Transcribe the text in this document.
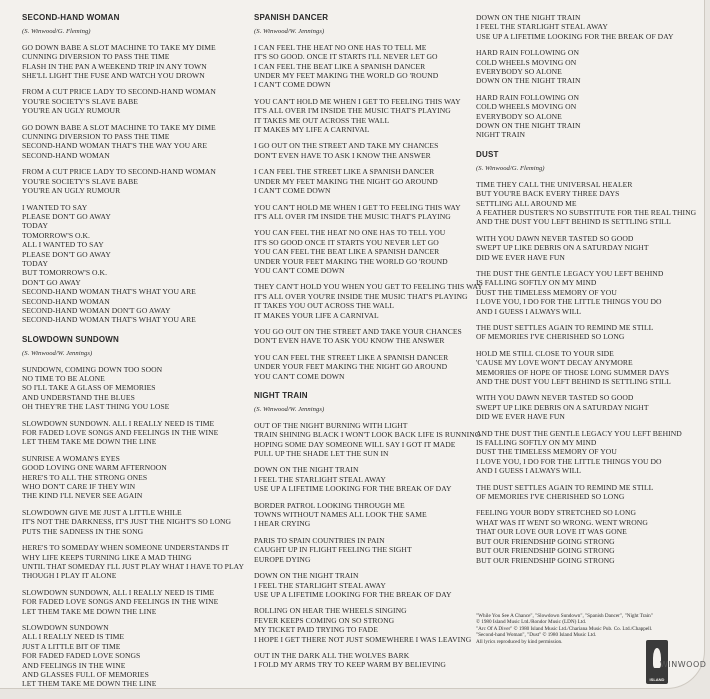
SECOND-HAND WOMAN
(S. Winwood/G. Fleming)
GO DOWN BABE A SLOT MACHINE TO TAKE MY DIME
CUNNING DIVERSION TO PASS THE TIME
FLASH IN THE PAN A WEEKEND TRIP IN ANY TOWN
SHE'LL LIGHT THE FUSE AND WATCH YOU DROWN
FROM A CUT PRICE LADY TO SECOND-HAND WOMAN
YOU'RE SOCIETY'S SLAVE BABE
YOU'RE AN UGLY RUMOUR
GO DOWN BABE A SLOT MACHINE TO TAKE MY DIME
CUNNING DIVERSION TO PASS THE TIME
SECOND-HAND WOMAN THAT'S THE WAY YOU ARE
SECOND-HAND WOMAN
FROM A CUT PRICE LADY TO SECOND-HAND WOMAN
YOU'RE SOCIETY'S SLAVE BABE
YOU'RE AN UGLY RUMOUR
I WANTED TO SAY
PLEASE DON'T GO AWAY
TODAY
TOMORROW'S O.K.
ALL I WANTED TO SAY
PLEASE DON'T GO AWAY
TODAY
BUT TOMORROW'S O.K.
DON'T GO AWAY
SECOND-HAND WOMAN THAT'S WHAT YOU ARE
SECOND-HAND WOMAN
SECOND-HAND WOMAN DON'T GO AWAY
SECOND-HAND WOMAN THAT'S WHAT YOU ARE
SLOWDOWN SUNDOWN
(S. Winwood/W. Jennings)
SUNDOWN, COMING DOWN TOO SOON
NO TIME TO BE ALONE
SO I'LL TAKE A GLASS OF MEMORIES
AND UNDERSTAND THE BLUES
OH THEY'RE THE LAST THING YOU LOSE
SLOWDOWN SUNDOWN. ALL I REALLY NEED IS TIME
FOR FADED LOVE SONGS AND FEELINGS IN THE WINE
LET THEM TAKE ME DOWN THE LINE
SUNRISE A WOMAN'S EYES
GOOD LOVING ONE WARM AFTERNOON
HERE'S TO ALL THE STRONG ONES
WHO DON'T CARE IF THEY WIN
THE KIND I'LL NEVER SEE AGAIN
SLOWDOWN GIVE ME JUST A LITTLE WHILE
IT'S NOT THE DARKNESS, IT'S JUST THE NIGHT'S SO LONG
PUTS THE SADNESS IN THE SONG
HERE'S TO SOMEDAY WHEN SOMEONE UNDERSTANDS IT
WHY LIFE KEEPS TURNING LIKE A MAD THING
UNTIL THAT SOMEDAY I'LL JUST PLAY WHAT I HAVE TO PLAY
THOUGH I PLAY IT ALONE
SLOWDOWN SUNDOWN, ALL I REALLY NEED IS TIME
FOR FADED LOVE SONGS AND FEELINGS IN THE WINE
LET THEM TAKE ME DOWN THE LINE
SLOWDOWN SUNDOWN
ALL I REALLY NEED IS TIME
JUST A LITTLE BIT OF TIME
FOR FADED FADED LOVE SONGS
AND FEELINGS IN THE WINE
AND GLASSES FULL OF MEMORIES
LET THEM TAKE ME DOWN THE LINE
SPANISH DANCER
(S. Winwood/W. Jennings)
I CAN FEEL THE HEAT NO ONE HAS TO TELL ME
IT'S SO GOOD. ONCE IT STARTS I'LL NEVER LET GO
I CAN FEEL THE BEAT LIKE A SPANISH DANCER
UNDER MY FEET MAKING THE WORLD GO 'ROUND
I CAN'T COME DOWN
YOU CAN'T HOLD ME WHEN I GET TO FEELING THIS WAY
IT'S ALL OVER I'M INSIDE THE MUSIC THAT'S PLAYING
IT TAKES ME OUT ACROSS THE WALL
IT MAKES MY LIFE A CARNIVAL
I GO OUT ON THE STREET AND TAKE MY CHANCES
DON'T EVEN HAVE TO ASK I KNOW THE ANSWER
I CAN FEEL THE STREET LIKE A SPANISH DANCER
UNDER MY FEET MAKING THE NIGHT GO AROUND
I CAN'T COME DOWN
YOU CAN'T HOLD ME WHEN I GET TO FEELING THIS WAY
IT'S ALL OVER I'M INSIDE THE MUSIC THAT'S PLAYING
YOU CAN FEEL THE HEAT NO ONE HAS TO TELL YOU
IT'S SO GOOD ONCE IT STARTS YOU NEVER LET GO
YOU CAN FEEL THE BEAT LIKE A SPANISH DANCER
UNDER YOUR FEET MAKING THE WORLD GO 'ROUND
YOU CAN'T COME DOWN
THEY CAN'T HOLD YOU WHEN YOU GET TO FEELING THIS WAY
IT'S ALL OVER YOU'RE INSIDE THE MUSIC THAT'S PLAYING
IT TAKES YOU OUT ACROSS THE WALL
IT MAKES YOUR LIFE A CARNIVAL
YOU GO OUT ON THE STREET AND TAKE YOUR CHANCES
DON'T EVEN HAVE TO ASK YOU KNOW THE ANSWER
YOU CAN FEEL THE STREET LIKE A SPANISH DANCER
UNDER YOUR FEET MAKING THE NIGHT GO AROUND
YOU CAN'T COME DOWN
NIGHT TRAIN
(S. Winwood/W. Jennings)
OUT OF THE NIGHT BURNING WITH LIGHT
TRAIN SHINING BLACK I WON'T LOOK BACK LIFE IS RUNNING
HOPING SOME DAY SOMEONE WILL SAY I GOT IT MADE
PULL UP THE SHADE LET THE SUN IN
DOWN ON THE NIGHT TRAIN
I FEEL THE STARLIGHT STEAL AWAY
USE UP A LIFETIME LOOKING FOR THE BREAK OF DAY
BORDER PATROL LOOKING THROUGH ME
TOWNS WITHOUT NAMES ALL LOOK THE SAME
I HEAR CRYING
PARIS TO SPAIN COUNTRIES IN PAIN
CAUGHT UP IN FLIGHT FEELING THE SIGHT
EUROPE DYING
DOWN ON THE NIGHT TRAIN
I FEEL THE STARLIGHT STEAL AWAY
USE UP A LIFETIME LOOKING FOR THE BREAK OF DAY
ROLLING ON HEAR THE WHEELS SINGING
FEVER KEEPS COMING ON SO STRONG
MY TICKET PAID TRYING TO FADE
I HOPE I GET THERE NOT JUST SOMEWHERE I WAS LEAVING
OUT IN THE DARK ALL THE WOLVES BARK
I FOLD MY ARMS TRY TO KEEP WARM BY BELIEVING
DOWN ON THE NIGHT TRAIN
I FEEL THE STARLIGHT STEAL AWAY
USE UP A LIFETIME LOOKING FOR THE BREAK OF DAY
HARD RAIN FOLLOWING ON
COLD WHEELS MOVING ON
EVERYBODY SO ALONE
DOWN ON THE NIGHT TRAIN
HARD RAIN FOLLOWING ON
COLD WHEELS MOVING ON
EVERYBODY SO ALONE
DOWN ON THE NIGHT TRAIN
NIGHT TRAIN
DUST
(S. Winwood/G. Fleming)
TIME THEY CALL THE UNIVERSAL HEALER
BUT YOU'RE BACK EVERY THREE DAYS
SETTLING ALL AROUND ME
A FEATHER DUSTER'S NO SUBSTITUTE FOR THE REAL THING
AND THE DUST YOU LEFT BEHIND IS SETTLING STILL
WITH YOU DAWN NEVER TASTED SO GOOD
SWEPT UP LIKE DEBRIS ON A SATURDAY NIGHT
DID WE EVER HAVE FUN
THE DUST THE GENTLE LEGACY YOU LEFT BEHIND
IS FALLING SOFTLY ON MY MIND
DUST THE TIMELESS MEMORY OF YOU
I LOVE YOU, I DO FOR THE LITTLE THINGS YOU DO
AND I GUESS I ALWAYS WILL
THE DUST SETTLES AGAIN TO REMIND ME STILL
OF MEMORIES I'VE CHERISHED SO LONG
HOLD ME STILL CLOSE TO YOUR SIDE
'CAUSE MY LOVE WON'T DECAY ANYMORE
MEMORIES OF HOPE OF THOSE LONG SUMMER DAYS
AND THE DUST YOU LEFT BEHIND IS SETTLING STILL
WITH YOU DAWN NEVER TASTED SO GOOD
SWEPT UP LIKE DEBRIS ON A SATURDAY NIGHT
DID WE EVER HAVE FUN
AND THE DUST THE GENTLE LEGACY YOU LEFT BEHIND
IS FALLING SOFTLY ON MY MIND
DUST THE TIMELESS MEMORY OF YOU
I LOVE YOU, I DO FOR THE LITTLE THINGS YOU DO
AND I GUESS I ALWAYS WILL
THE DUST SETTLES AGAIN TO REMIND ME STILL
OF MEMORIES I'VE CHERISHED SO LONG
FEELING YOUR BODY STRETCHED SO LONG
WHAT WAS IT WENT SO WRONG. WENT WRONG
THAT OUR LOVE OUR LOVE IT WAS GONE
BUT OUR FRIENDSHIP GOING STRONG
BUT OUR FRIENDSHIP GOING STRONG
BUT OUR FRIENDSHIP GOING STRONG
"While You See A Chance", "Slowdown Sundown", "Spanish Dancer", "Night Train"
© 1980 Island Music Ltd./Rondor Music (LDN) Ltd.
"Arc Of A Diver" © 1980 Island Music Ltd./Chariana Music Pub. Co. Ltd./Chappell.
"Second-hand Woman", "Dust" © 1980 Island Music Ltd.
All lyrics reproduced by kind permission.
ISLAND
WINWOOD
